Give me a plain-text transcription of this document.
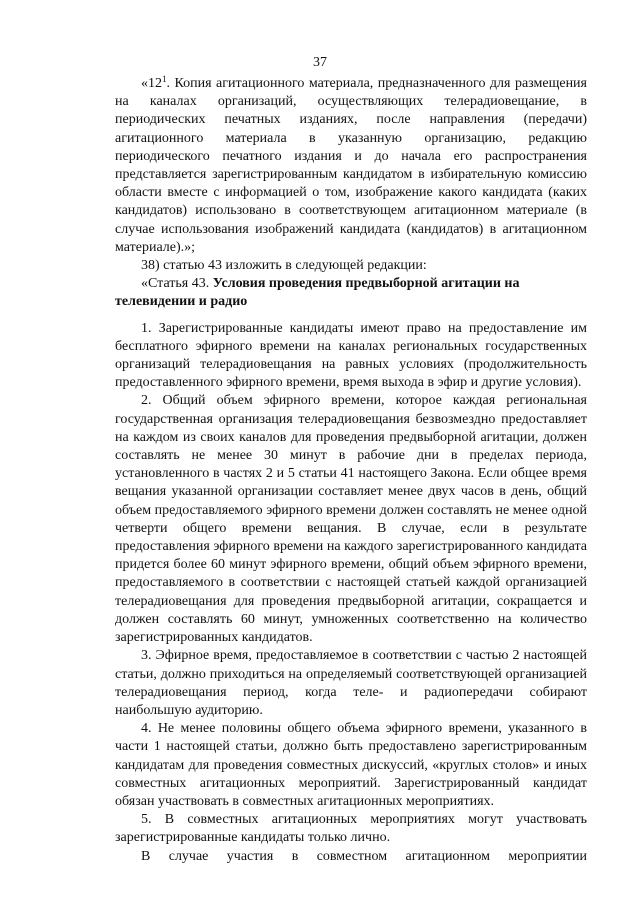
37

«$12^1$. Копия агитационного материала, предназначенного для размещения на каналах организаций, осуществляющих телерадиовещание, в периодических печатных изданиях, после направления (передачи) агитационного материала в указанную организацию, редакцию периодического печатного издания и до начала его распространения представляется зарегистрированным кандидатом в избирательную комиссию области вместе с информацией о том, изображение какого кандидата (каких кандидатов) использовано в соответствующем агитационном материале (в случае использования изображений кандидата (кандидатов) в агитационном материале).»;

38) статью 43 изложить в следующей редакции:

«Статья 43. Условия проведения предвыборной агитации на телевидении и радио

1. Зарегистрированные кандидаты имеют право на предоставление им бесплатного эфирного времени на каналах региональных государственных организаций телерадиовещания на равных условиях (продолжительность предоставленного эфирного времени, время выхода в эфир и другие условия).

2. Общий объем эфирного времени, которое каждая региональная государственная организация телерадиовещания безвозмездно предоставляет на каждом из своих каналов для проведения предвыборной агитации, должен составлять не менее 30 минут в рабочие дни в пределах периода, установленного в частях 2 и 5 статьи 41 настоящего Закона. Если общее время вещания указанной организации составляет менее двух часов в день, общий объем предоставляемого эфирного времени должен составлять не менее одной четверти общего времени вещания. В случае, если в результате предоставления эфирного времени на каждого зарегистрированного кандидата придется более 60 минут эфирного времени, общий объем эфирного времени, предоставляемого в соответствии с настоящей статьей каждой организацией телерадиовещания для проведения предвыборной агитации, сокращается и должен составлять 60 минут, умноженных соответственно на количество зарегистрированных кандидатов.

3. Эфирное время, предоставляемое в соответствии с частью 2 настоящей статьи, должно приходиться на определяемый соответствующей организацией телерадиовещания период, когда теле- и радиопередачи собирают наибольшую аудиторию.

4. Не менее половины общего объема эфирного времени, указанного в части 1 настоящей статьи, должно быть предоставлено зарегистрированным кандидатам для проведения совместных дискуссий, «круглых столов» и иных совместных агитационных мероприятий. Зарегистрированный кандидат обязан участвовать в совместных агитационных мероприятиях.

5. В совместных агитационных мероприятиях могут участвовать зарегистрированные кандидаты только лично.

В случае участия в совместном агитационном мероприятии
